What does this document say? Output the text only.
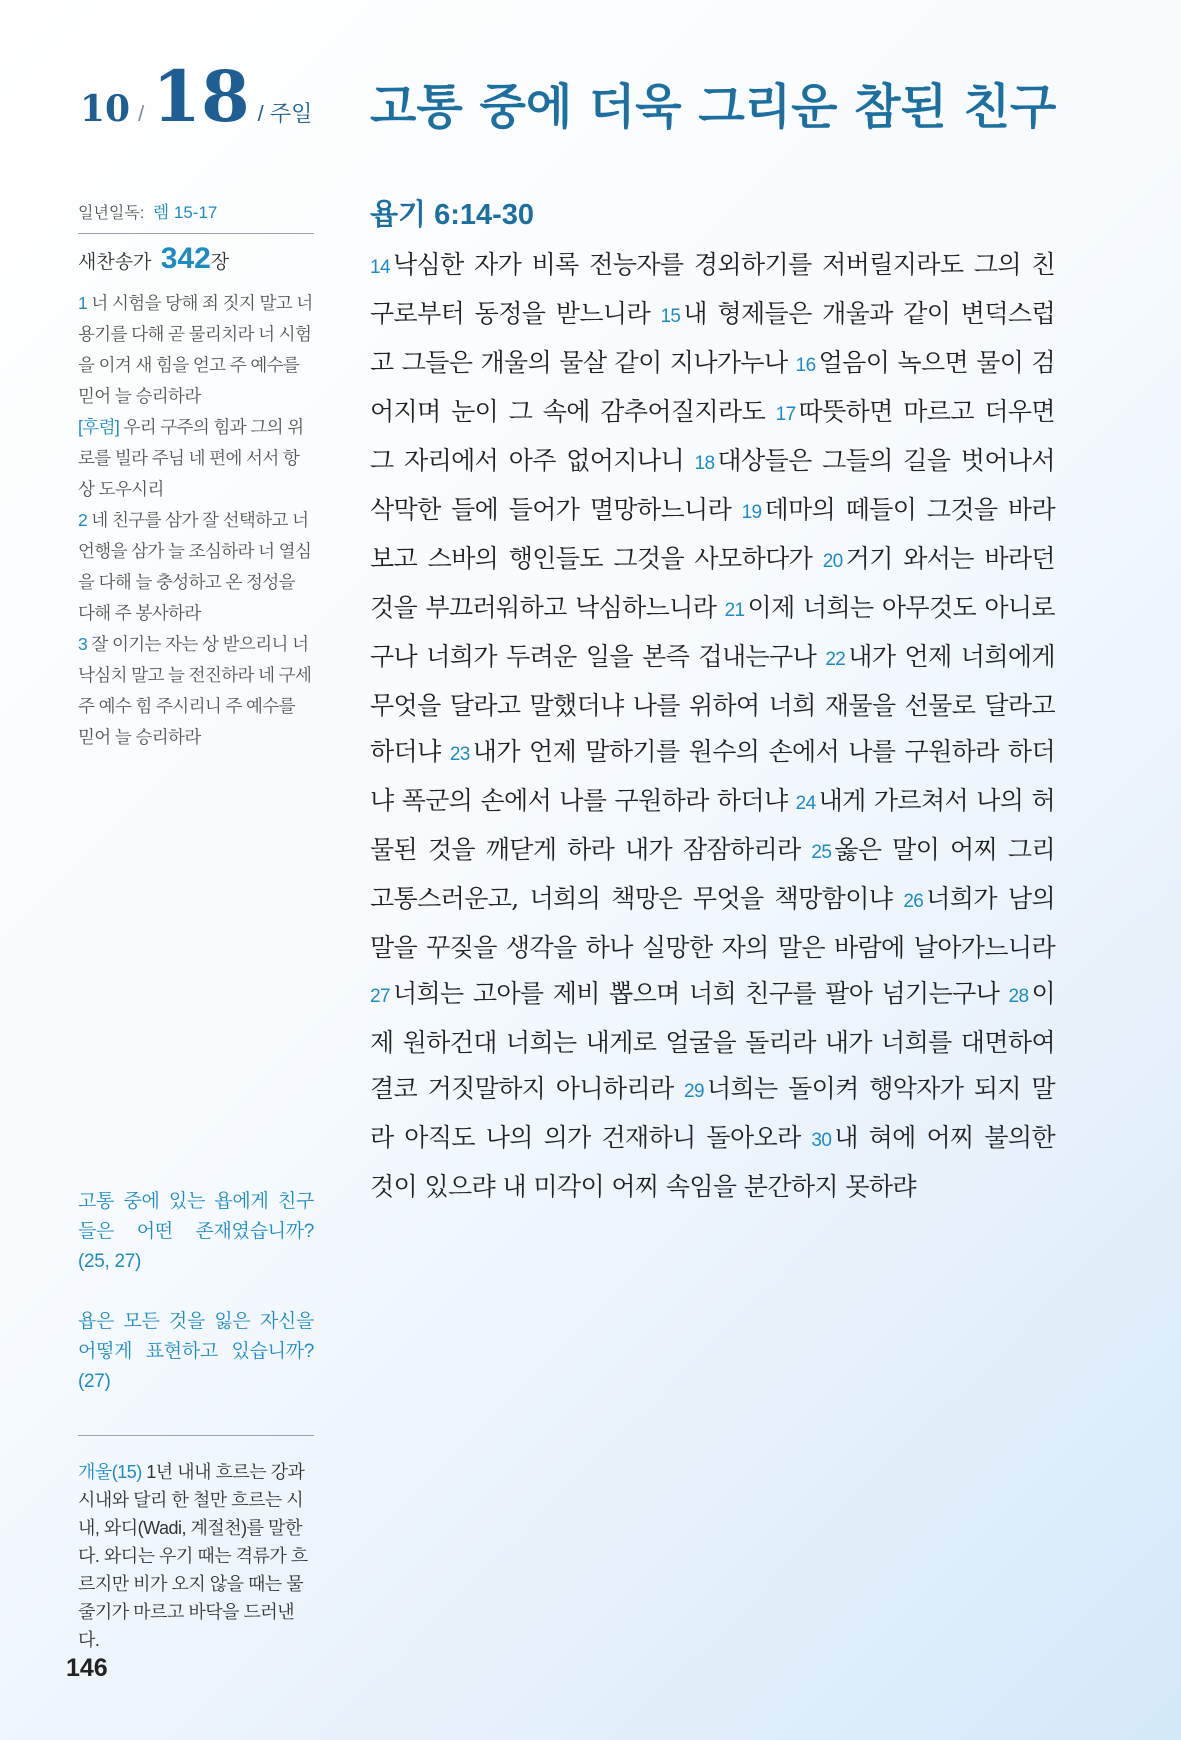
10 / 18 / 주일 고통 중에 더욱 그리운 참된 친구
일년일독: 렘 15-17
새찬송가 342장

1 너 시험을 당해 죄 짓지 말고 너 용기를 다해 곧 물리치라 너 시험을 이겨 새 힘을 얻고 주 예수를 믿어 늘 승리하라

[후렴] 우리 구주의 힘과 그의 위로를 빌라 주님 네 편에 서서 항상 도우시리

2 네 친구를 삼가 잘 선택하고 너 언행을 삼가 늘 조심하라 너 열심을 다해 늘 충성하고 온 정성을 다해 주 봉사하라

3 잘 이기는 자는 상 받으리니 너 낙심치 말고 늘 전진하라 네 구세주 예수 힘 주시리니 주 예수를 믿어 늘 승리하라

고통 중에 있는 욥에게 친구들은 어떤 존재였습니까? (25, 27)

욥은 모든 것을 잃은 자신을 어떻게 표현하고 있습니까? (27)

개울(15) 1년 내내 흐르는 강과 시내와 달리 한 철만 흐르는 시내, 와디(Wadi, 계절천)를 말한다. 와디는 우기 때는 격류가 흐르지만 비가 오지 않을 때는 물줄기가 마르고 바닥을 드러낸다.
146
욥기 6:14-30

14 낙심한 자가 비록 전능자를 경외하기를 저버릴지라도 그의 친구로부터 동정을 받느니라 15 내 형제들은 개울과 같이 변덕스럽고 그들은 개울의 물살 같이 지나가누나 16 얼음이 녹으면 물이 검어지며 눈이 그 속에 감추어질지라도 17 따뜻하면 마르고 더우면 그 자리에서 아주 없어지나니 18 대상들은 그들의 길을 벗어나서 삭막한 들에 들어가 멸망하느니라 19 데마의 떼들이 그것을 바라보고 스바의 행인들도 그것을 사모하다가 20 거기 와서는 바라던 것을 부끄러워하고 낙심하느니라 21 이제 너희는 아무것도 아니로구나 너희가 두려운 일을 본즉 겁내는구나 22 내가 언제 너희에게 무엇을 달라고 말했더냐 나를 위하여 너희 재물을 선물로 달라고 하더냐 23 내가 언제 말하기를 원수의 손에서 나를 구원하라 하더냐 폭군의 손에서 나를 구원하라 하더냐 24 내게 가르쳐서 나의 허물된 것을 깨닫게 하라 내가 잠잠하리라 25 옳은 말이 어찌 그리 고통스러운고, 너희의 책망은 무엇을 책망함이냐 26 너희가 남의 말을 꾸짖을 생각을 하나 실망한 자의 말은 바람에 날아가느니라 27 너희는 고아를 제비 뽑으며 너희 친구를 팔아 넘기는구나 28 이제 원하건대 너희는 내게로 얼굴을 돌리라 내가 너희를 대면하여 결코 거짓말하지 아니하리라 29 너희는 돌이켜 행악자가 되지 말라 아직도 나의 의가 건재하니 돌아오라 30 내 혀에 어찌 불의한 것이 있으랴 내 미각이 어찌 속임을 분간하지 못하랴
